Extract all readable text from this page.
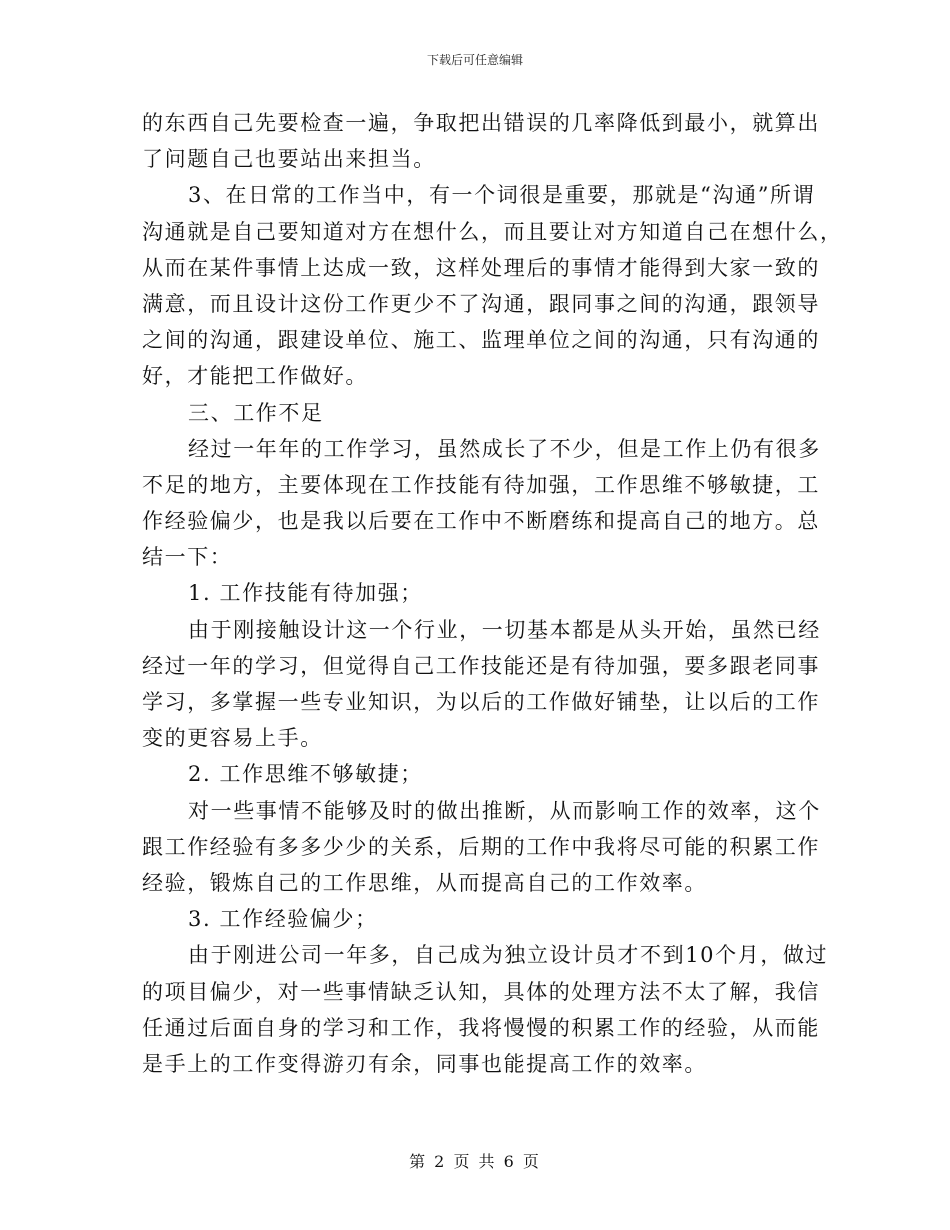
下载后可任意编辑
的东西自己先要检查一遍，争取把出错误的几率降低到最小，就算出
了问题自己也要站出来担当。
3、在日常的工作当中，有一个词很是重要，那就是“沟通”所谓
沟通就是自己要知道对方在想什么，而且要让对方知道自己在想什么，
从而在某件事情上达成一致，这样处理后的事情才能得到大家一致的
满意，而且设计这份工作更少不了沟通，跟同事之间的沟通，跟领导
之间的沟通，跟建设单位、施工、监理单位之间的沟通，只有沟通的
好，才能把工作做好。
三、工作不足
经过一年年的工作学习，虽然成长了不少，但是工作上仍有很多
不足的地方，主要体现在工作技能有待加强，工作思维不够敏捷，工
作经验偏少，也是我以后要在工作中不断磨练和提高自己的地方。总
结一下：
1. 工作技能有待加强；
由于刚接触设计这一个行业，一切基本都是从头开始，虽然已经
经过一年的学习，但觉得自己工作技能还是有待加强，要多跟老同事
学习，多掌握一些专业知识，为以后的工作做好铺垫，让以后的工作
变的更容易上手。
2. 工作思维不够敏捷；
对一些事情不能够及时的做出推断，从而影响工作的效率，这个
跟工作经验有多多少少的关系，后期的工作中我将尽可能的积累工作
经验，锻炼自己的工作思维，从而提高自己的工作效率。
3. 工作经验偏少；
由于刚进公司一年多，自己成为独立设计员才不到10个月，做过
的项目偏少，对一些事情缺乏认知，具体的处理方法不太了解，我信
任通过后面自身的学习和工作，我将慢慢的积累工作的经验，从而能
是手上的工作变得游刃有余，同事也能提高工作的效率。
第 2 页 共 6 页
